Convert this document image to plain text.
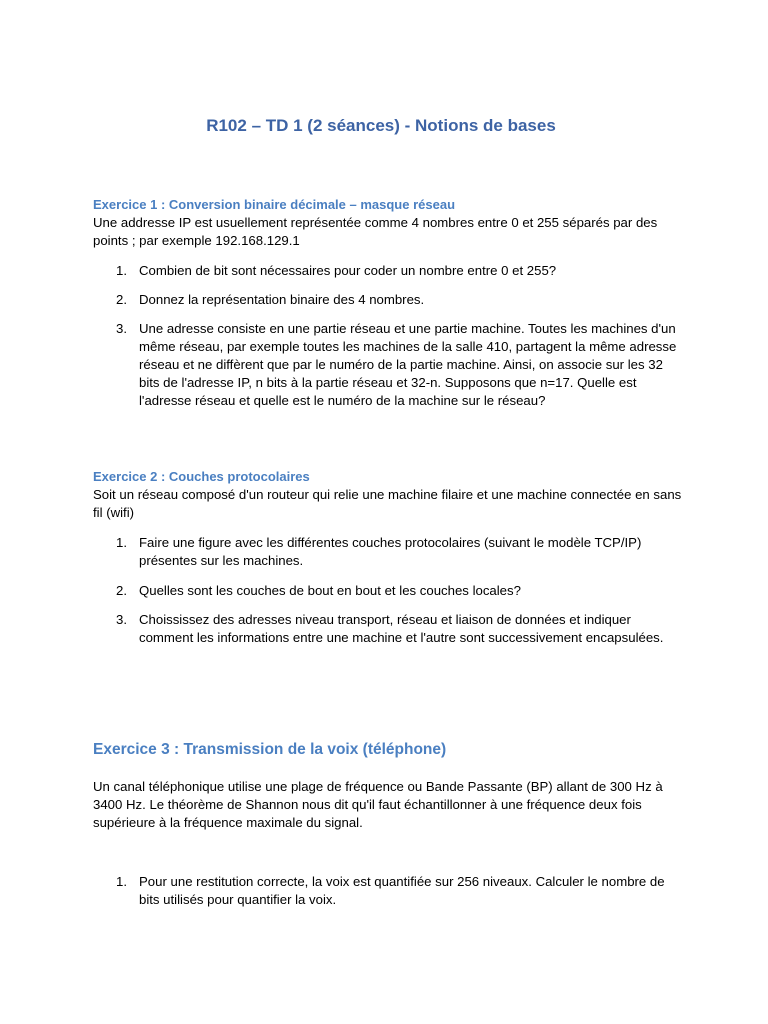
R102 – TD 1 (2 séances) - Notions de bases
Exercice 1 : Conversion binaire décimale – masque réseau
Une addresse IP est usuellement représentée comme 4 nombres entre 0 et 255 séparés par des points ; par exemple 192.168.129.1
1. Combien de bit sont nécessaires pour coder un nombre entre 0 et 255?
2. Donnez la représentation binaire des 4 nombres.
3. Une adresse consiste en une partie réseau et une partie machine. Toutes les machines d'un même réseau, par exemple toutes les machines de la salle 410, partagent la même adresse réseau et ne diffèrent que par le numéro de la partie machine. Ainsi, on associe sur les 32 bits de l'adresse IP, n bits à la partie réseau et 32-n. Supposons que n=17. Quelle est l'adresse réseau et quelle est le numéro de la machine sur le réseau?
Exercice 2 : Couches protocolaires
Soit un réseau composé d'un routeur qui relie une machine filaire et une machine connectée en sans fil (wifi)
1. Faire une figure avec les différentes couches protocolaires (suivant le modèle TCP/IP) présentes sur les machines.
2. Quelles sont les couches de bout en bout et les couches locales?
3. Choississez des adresses niveau transport, réseau et liaison de données et indiquer comment les informations entre une machine et l'autre sont successivement encapsulées.
Exercice 3 : Transmission de la voix (téléphone)
Un canal téléphonique utilise une plage de fréquence ou Bande Passante (BP) allant de 300 Hz à 3400 Hz. Le théorème de Shannon nous dit qu'il faut échantillonner à une fréquence deux fois supérieure à la fréquence maximale du signal.
1. Pour une restitution correcte, la voix est quantifiée sur 256 niveaux. Calculer le nombre de bits utilisés pour quantifier la voix.
